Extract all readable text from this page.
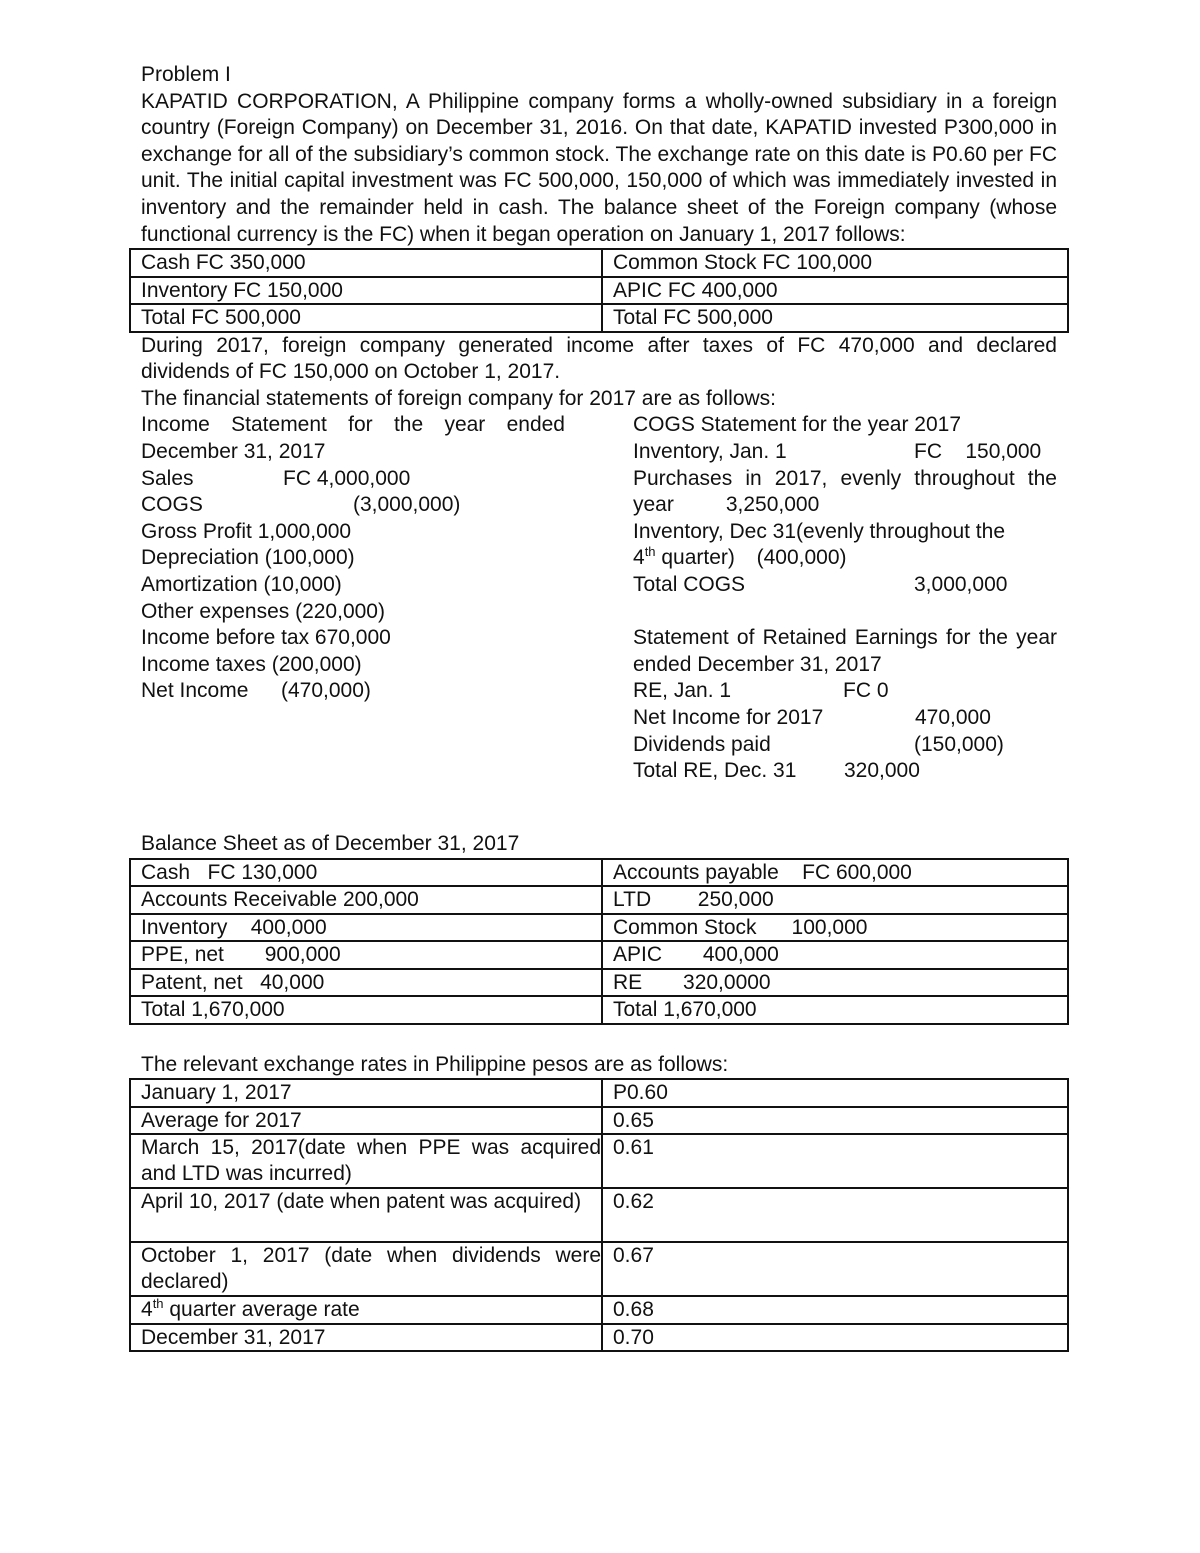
Problem I

KAPATID CORPORATION, A Philippine company forms a wholly-owned subsidiary in a foreign country (Foreign Company) on December 31, 2016. On that date, KAPATID invested P300,000 in exchange for all of the subsidiary’s common stock. The exchange rate on this date is P0.60 per FC unit. The initial capital investment was FC 500,000, 150,000 of which was immediately invested in inventory and the remainder held in cash. The balance sheet of the Foreign company (whose functional currency is the FC) when it began operation on January 1, 2017 follows:

Cash FC 350,000	Common Stock FC 100,000
Inventory FC 150,000	APIC FC 400,000
Total FC 500,000	Total FC 500,000

During 2017, foreign company generated income after taxes of FC 470,000 and declared dividends of FC 150,000 on October 1, 2017.

The financial statements of foreign company for 2017 are as follows:

Income Statement for the year ended December 31, 2017
Sales	FC 4,000,000
COGS	(3,000,000)
Gross Profit 1,000,000
Depreciation (100,000)
Amortization (10,000)
Other expenses (220,000)
Income before tax 670,000
Income taxes (200,000)
Net Income (470,000)
COGS Statement for the year 2017
Inventory, Jan. 1	FC    150,000
Purchases in 2017, evenly throughout the year 3,250,000
Inventory, Dec 31(evenly throughout the
4th quarter) (400,000)
Total COGS	3,000,000
Statement of Retained Earnings for the year ended December 31, 2017
RE, Jan. 1	FC 0
Net Income for 2017	470,000
Dividends paid	(150,000)
Total RE, Dec. 31 320,000

Balance Sheet as of December 31, 2017

Cash   FC 130,000	Accounts payable    FC 600,000
Accounts Receivable 200,000	LTD        250,000
Inventory    400,000	Common Stock      100,000
PPE, net       900,000	APIC       400,000
Patent, net   40,000	RE       320,0000
Total 1,670,000	Total 1,670,000

The relevant exchange rates in Philippine pesos are as follows:

January 1, 2017	P0.60
Average for 2017	0.65
March 15, 2017(date when PPE was acquired and LTD was incurred)	0.61
April 10, 2017 (date when patent was acquired)	0.62
October 1, 2017 (date when dividends were declared)	0.67
4th quarter average rate	0.68
December 31, 2017	0.70
